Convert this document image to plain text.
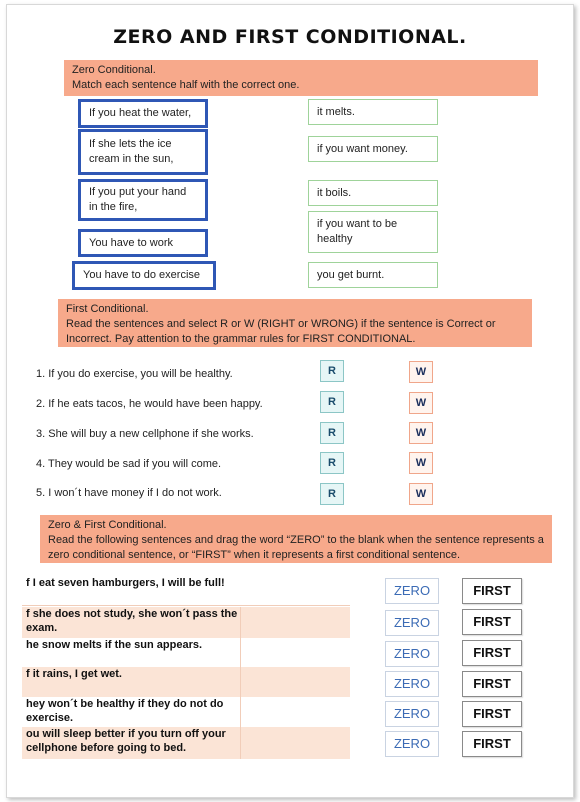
ZERO AND FIRST CONDITIONAL.
Zero Conditional.
Match each sentence half with the correct one.
If you heat the water,
If she lets the ice cream in the sun,
If you put your hand in the fire,
You have to work
You have to do exercise
it melts.
if you want money.
it boils.
if you want to be healthy
you get burnt.
First Conditional.
Read the sentences and select R or W (RIGHT or WRONG) if the sentence is Correct or Incorrect. Pay attention to the grammar rules for FIRST CONDITIONAL.
1. If you do exercise, you will be healthy.
2. If he eats tacos, he would have been happy.
3. She will buy a new cellphone if she works.
4. They would be sad if you will come.
5. I won´t have money if I do not work.
R
R
R
R
R
W
W
W
W
W
Zero & First Conditional.
Read the following sentences and drag the word “ZERO” to the blank when the sentence represents a zero conditional sentence, or “FIRST” when it represents a first conditional sentence.
f I eat seven hamburgers, I will be full!
f she does not study, she won´t pass the exam.
he snow melts if the sun appears.
f it rains, I get wet.
hey won´t be healthy if they do not do exercise.
ou will sleep better if you turn off your cellphone before going to bed.
ZERO
ZERO
ZERO
ZERO
ZERO
ZERO
FIRST
FIRST
FIRST
FIRST
FIRST
FIRST
